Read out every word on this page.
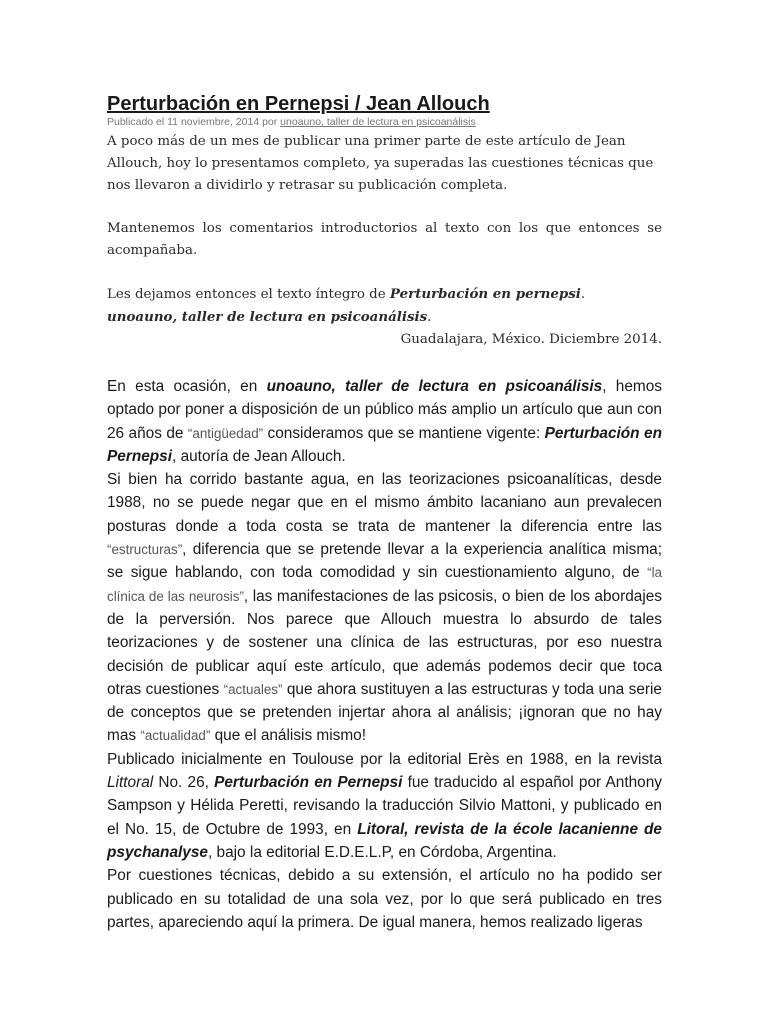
Perturbación en Pernepsi / Jean Allouch
Publicado el 11 noviembre, 2014 por unoauno, taller de lectura en psicoanálisis

A poco más de un mes de publicar una primer parte de este artículo de Jean Allouch, hoy lo presentamos completo, ya superadas las cuestiones técnicas que nos llevaron a dividirlo y retrasar su publicación completa.

Mantenemos los comentarios introductorios al texto con los que entonces se acompañaba.

Les dejamos entonces el texto íntegro de Perturbación en pernepsi.

unoauno, taller de lectura en psicoanálisis.

Guadalajara, México. Diciembre 2014.

En esta ocasión, en unoauno, taller de lectura en psicoanálisis, hemos optado por poner a disposición de un público más amplio un artículo que aun con 26 años de “antigüedad” consideramos que se mantiene vigente: Perturbación en Pernepsi, autoría de Jean Allouch.

Si bien ha corrido bastante agua, en las teorizaciones psicoanalíticas, desde 1988, no se puede negar que en el mismo ámbito lacaniano aun prevalecen posturas donde a toda costa se trata de mantener la diferencia entre las “estructuras”, diferencia que se pretende llevar a la experiencia analítica misma; se sigue hablando, con toda comodidad y sin cuestionamiento alguno, de “la clínica de las neurosis”, las manifestaciones de las psicosis, o bien de los abordajes de la perversión. Nos parece que Allouch muestra lo absurdo de tales teorizaciones y de sostener una clínica de las estructuras, por eso nuestra decisión de publicar aquí este artículo, que además podemos decir que toca otras cuestiones “actuales” que ahora sustituyen a las estructuras y toda una serie de conceptos que se pretenden injertar ahora al análisis; ¡ignoran que no hay mas “actualidad” que el análisis mismo!

Publicado inicialmente en Toulouse por la editorial Erès en 1988, en la revista Littoral No. 26, Perturbación en Pernepsi fue traducido al español por Anthony Sampson y Hélida Peretti, revisando la traducción Silvio Mattoni, y publicado en el No. 15, de Octubre de 1993, en Litoral, revista de la école lacanienne de psychanalyse, bajo la editorial E.D.E.L.P, en Córdoba, Argentina.

Por cuestiones técnicas, debido a su extensión, el artículo no ha podido ser publicado en su totalidad de una sola vez, por lo que será publicado en tres partes, apareciendo aquí la primera. De igual manera, hemos realizado ligeras
